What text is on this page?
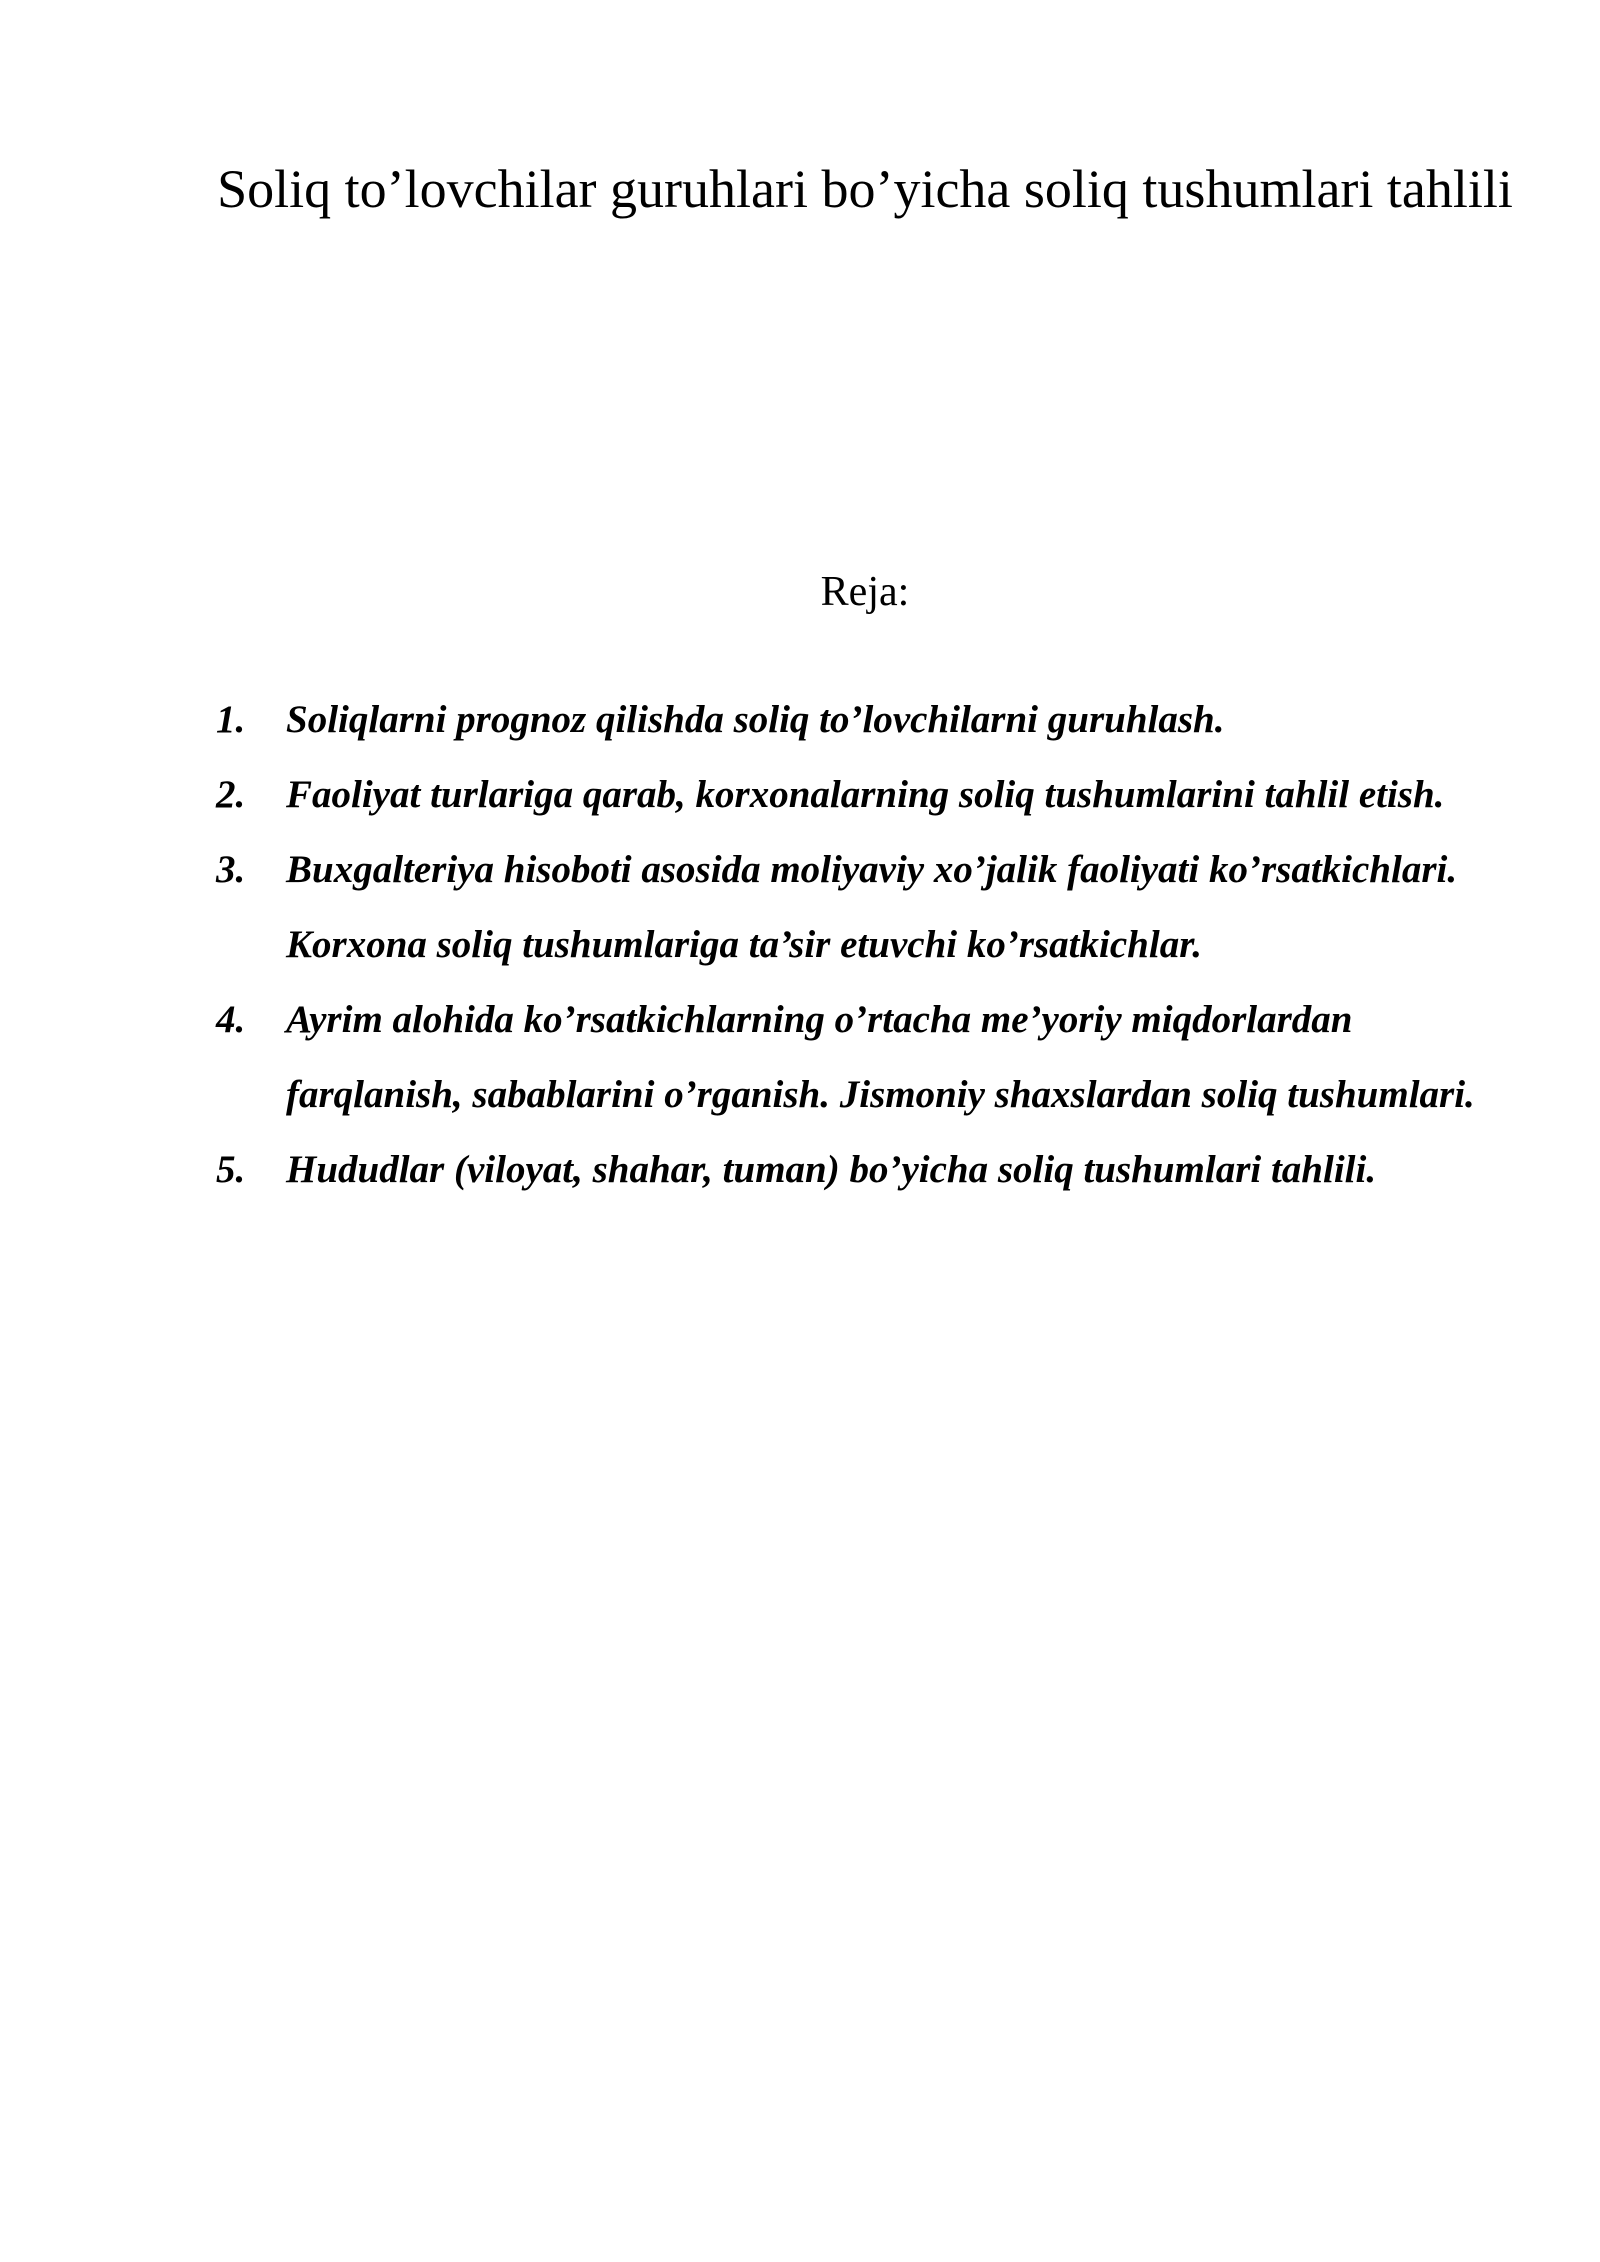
Soliq to’lovchilar guruhlari bo’yicha soliq tushumlari tahlili
Reja:
1. Soliqlarni prognoz qilishda soliq to’lovchilarni guruhlash.
2. Faoliyat turlariga qarab, korxonalarning soliq tushumlarini tahlil etish.
3. Buxgalteriya hisoboti asosida moliyaviy xo’jalik faoliyati ko’rsatkichlari. Korxona soliq tushumlariga ta’sir etuvchi ko’rsatkichlar.
4. Ayrim alohida ko’rsatkichlarning o’rtacha me’yoriy miqdorlardan farqlanish, sabablarini o’rganish. Jismoniy shaxslardan soliq tushumlari.
5. Hududlar (viloyat, shahar, tuman) bo’yicha soliq tushumlari tahlili.
